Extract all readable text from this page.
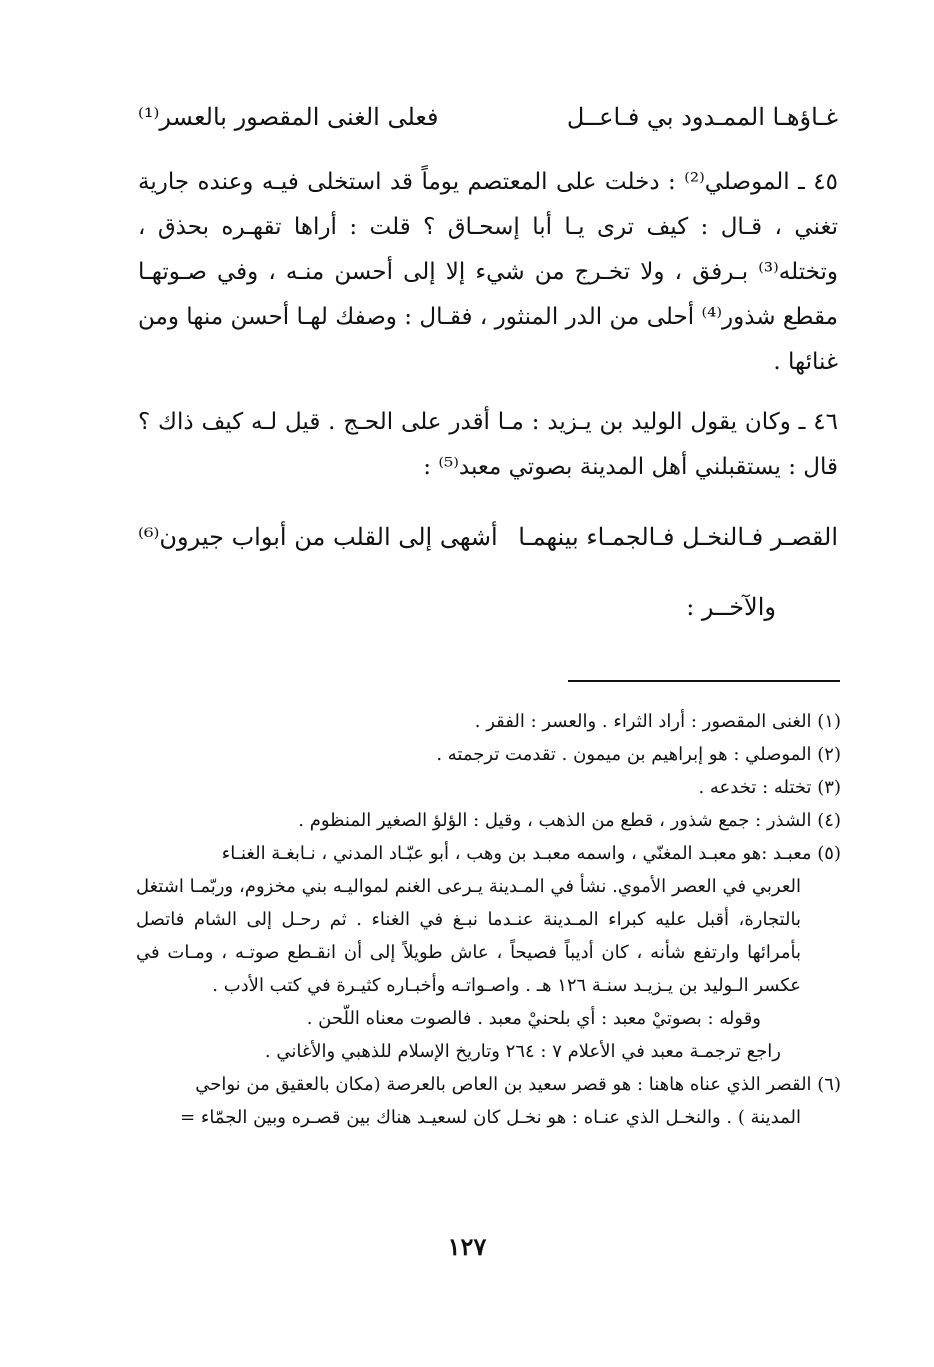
فعلى الغنى المقصور بالعسر⁽¹⁾	غـاؤهـا الممـدود بي فـاعــل

٤٥ ـ الموصلي⁽²⁾ : دخلت على المعتصم يوماً قد استخلى فيـه وعنده جارية تغني ، قـال : كيف ترى يـا أبا إسحـاق ؟ قلت : أراها تقهـره بحذق ، وتختله⁽³⁾ بـرفق ، ولا تخـرج من شيء إلا إلى أحسن منـه ، وفي صـوتهـا مقطع شذور⁽⁴⁾ أحلى من الدر المنثور ، فقـال : وصفك لهـا أحسن منها ومن غنائها .

٤٦ ـ وكان يقول الوليد بن يـزيد : مـا أقدر على الحـج . قيل لـه كيف ذاك ؟ قال : يستقبلني أهل المدينة بصوتي معبد⁽⁵⁾ :

أشهى إلى القلب من أبواب جيرون⁽⁶⁾ القصـر فـالنخـل فـالجمـاء بينهمـا
والآخــر :

(١) الغنى المقصور : أراد الثراء . والعسر : الفقر .

(٢) الموصلي : هو إبراهيم بن ميمون . تقدمت ترجمته .

(٣) تختله : تخدعه .

(٤) الشذر : جمع شذور ، قطع من الذهب ، وقيل : الؤلؤ الصغير المنظوم .

(٥) معبـد :هو معبـد المغنّي ، واسمه معبـد بن وهب ، أبو عبّـاد المدني ، نـابغـة الغنـاء

العربي في العصر الأموي. نشأ في المـدينة يـرعى الغنم لمواليـه بني مخزوم، وربّمـا اشتغل بالتجارة، أقبل عليه كبراء المـدينة عنـدما نبـغ في الغناء . ثم رحـل إلى الشام فاتصل بأمرائها وارتفع شأنه ، كان أديباً فصيحاً ، عاش طويلاً إلى أن انقـطع صوتـه ، ومـات في عكسر الـوليد بن يـزيـد سنـة ١٢٦ هـ . واصـواتـه وأخبـاره كثيـرة في كتب الأدب .

وقوله : بصوتيْ معبد : أي بلحنيْ معبد . فالصوت معناه اللّحن .

راجع ترجمـة معبد في الأعلام ٧ : ٢٦٤ وتاريخ الإسلام للذهبي والأغاني .

(٦) القصر الذي عناه هاهنا : هو قصر سعيد بن العاص بالعرصة (مكان بالعقيق من نواحي

المدينة ) . والنخـل الذي عنـاه : هو نخـل كان لسعيـد هناك بين قصـره وبين الجمّاء =

١٢٧
